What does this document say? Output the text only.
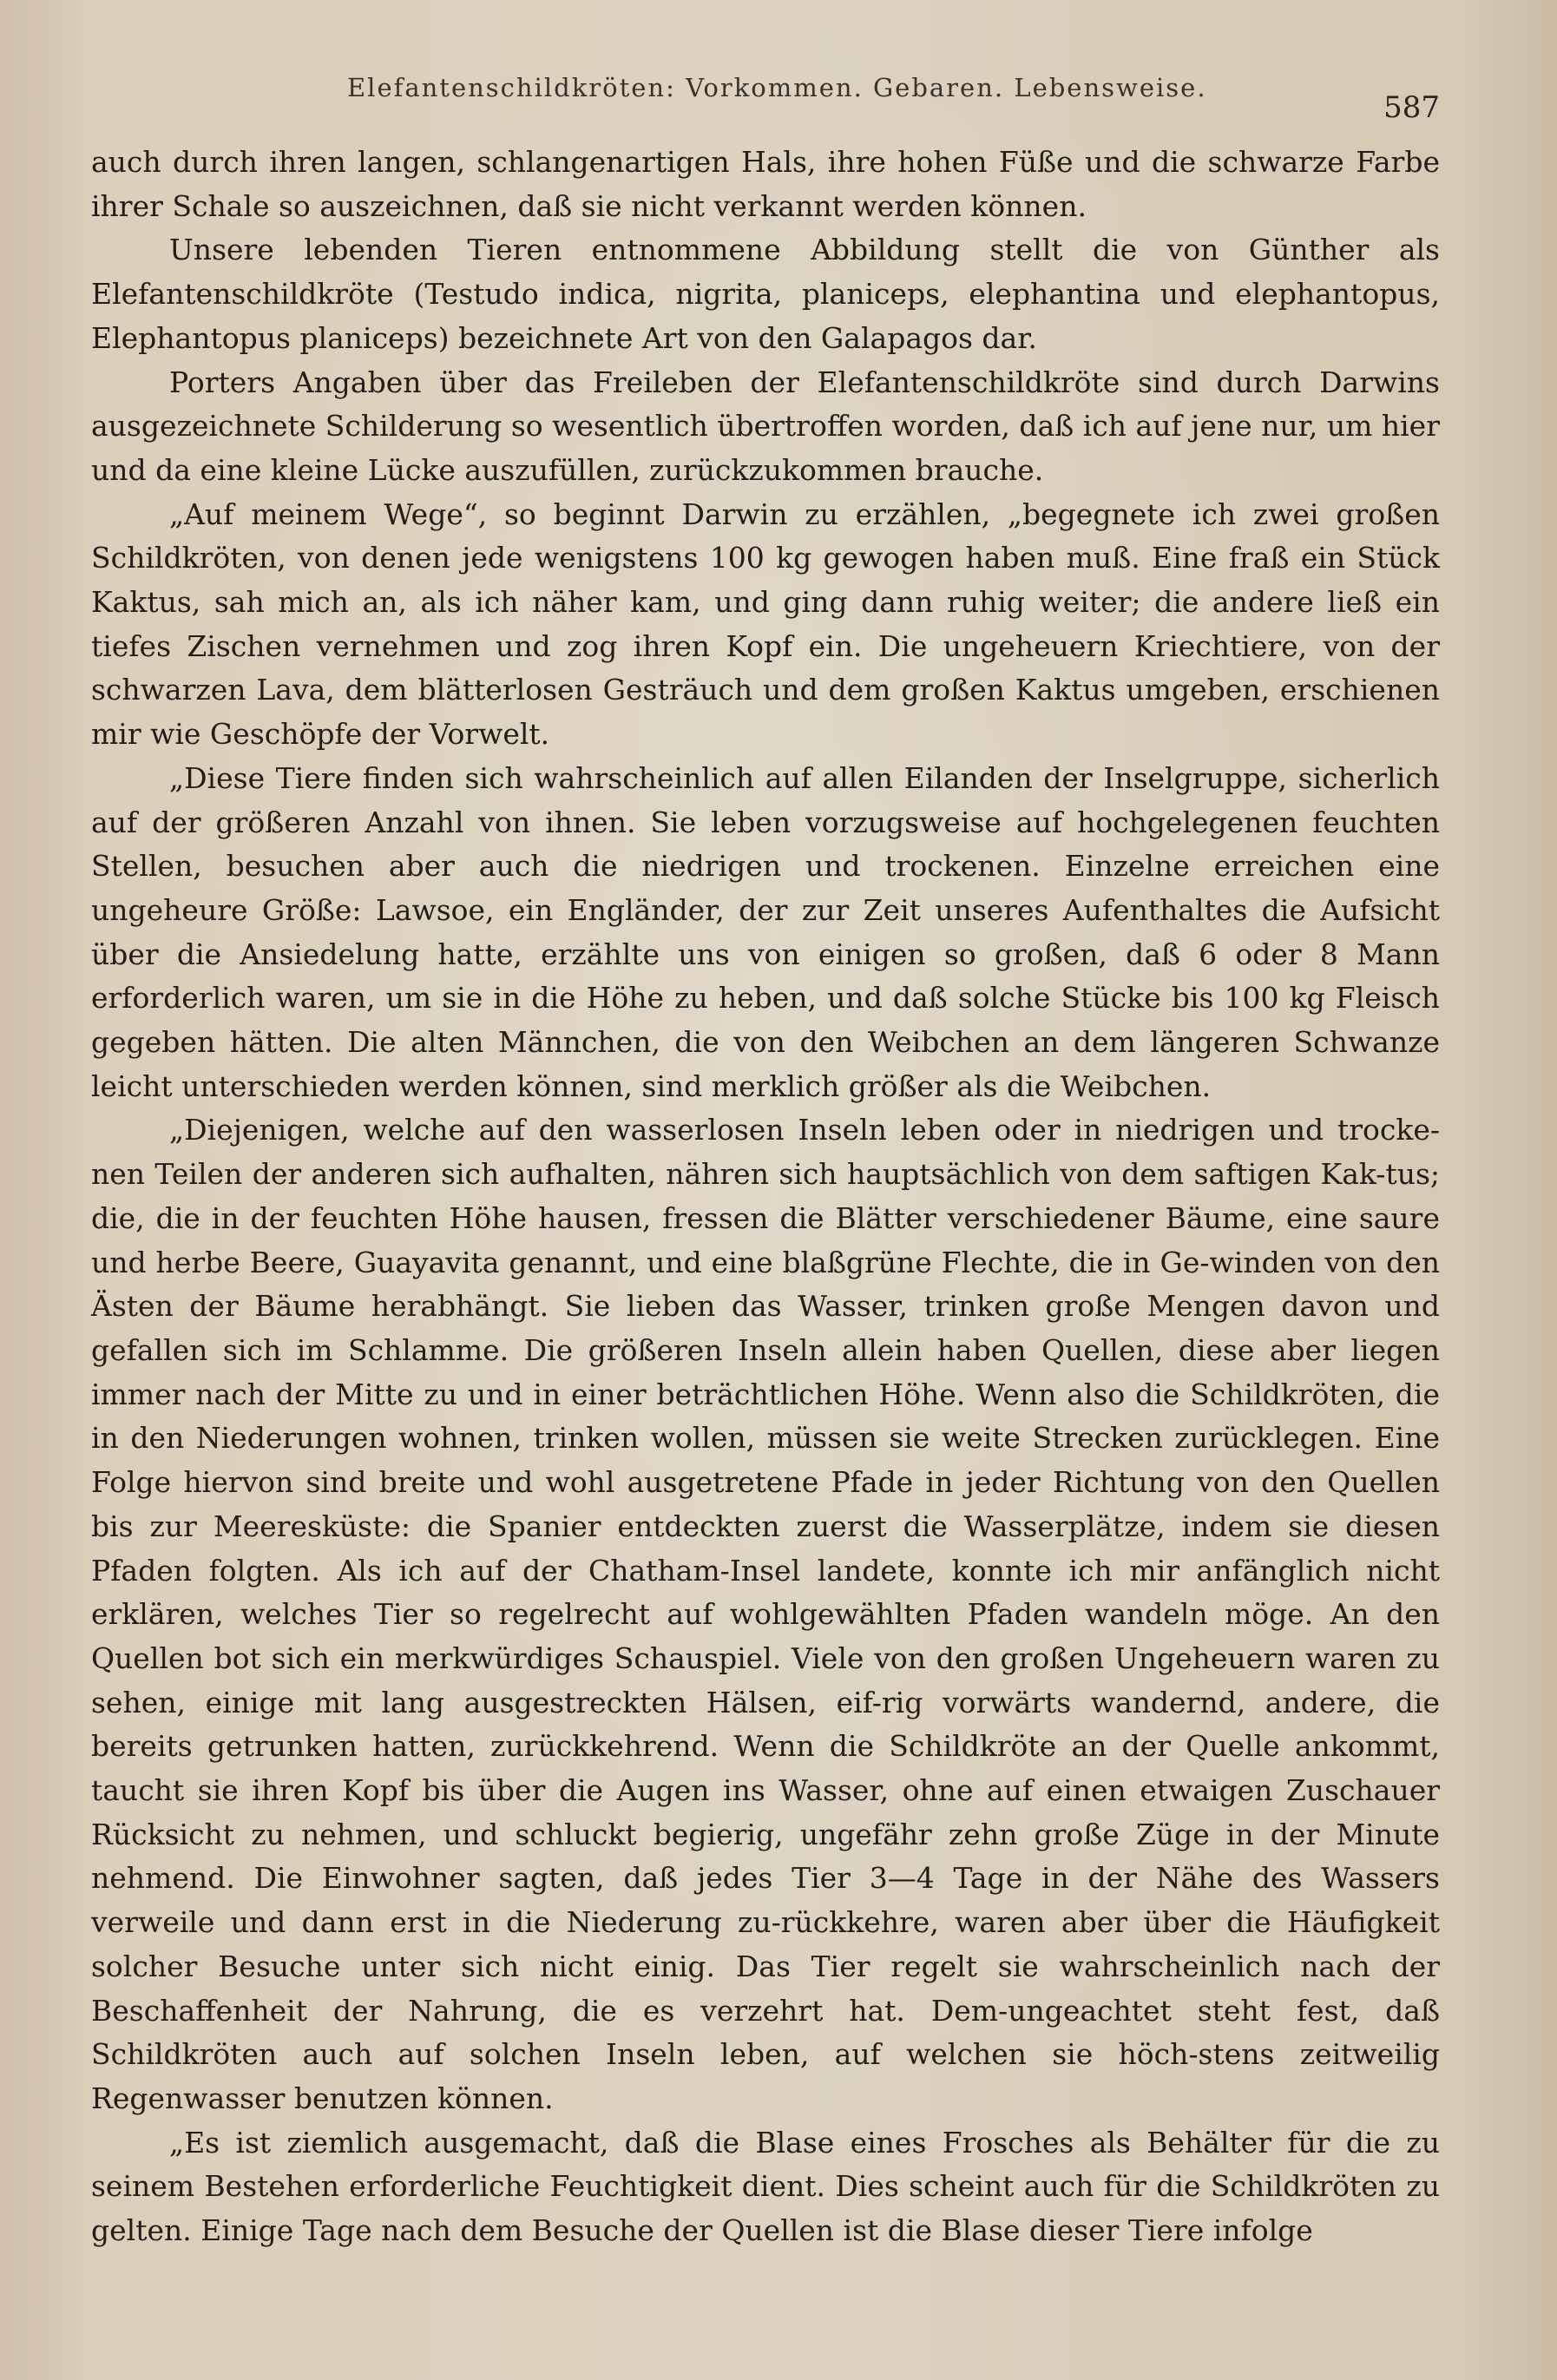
Elefantenschildkröten: Vorkommen. Gebaren. Lebensweise.
587

auch durch ihren langen, schlangenartigen Hals, ihre hohen Füße und die schwarze Farbe ihrer Schale so auszeichnen, daß sie nicht verkannt werden können.

Unsere lebenden Tieren entnommene Abbildung stellt die von Günther als Elefantenschildkröte (Testudo indica, nigrita, planiceps, elephantina und elephantopus, Elephantopus planiceps) bezeichnete Art von den Galapagos dar.

Porters Angaben über das Freileben der Elefantenschildkröte sind durch Darwins ausgezeichnete Schilderung so wesentlich übertroffen worden, daß ich auf jene nur, um hier und da eine kleine Lücke auszufüllen, zurückzukommen brauche.

„Auf meinem Wege“, so beginnt Darwin zu erzählen, „begegnete ich zwei großen Schildkröten, von denen jede wenigstens 100 kg gewogen haben muß. Eine fraß ein Stück Kaktus, sah mich an, als ich näher kam, und ging dann ruhig weiter; die andere ließ ein tiefes Zischen vernehmen und zog ihren Kopf ein. Die ungeheuern Kriechtiere, von der schwarzen Lava, dem blätterlosen Gesträuch und dem großen Kaktus umgeben, erschienen mir wie Geschöpfe der Vorwelt.

„Diese Tiere finden sich wahrscheinlich auf allen Eilanden der Inselgruppe, sicherlich auf der größeren Anzahl von ihnen. Sie leben vorzugsweise auf hochgelegenen feuchten Stellen, besuchen aber auch die niedrigen und trockenen. Einzelne erreichen eine ungeheure Größe: Lawsoe, ein Engländer, der zur Zeit unseres Aufenthaltes die Aufsicht über die Ansiedelung hatte, erzählte uns von einigen so großen, daß 6 oder 8 Mann erforderlich waren, um sie in die Höhe zu heben, und daß solche Stücke bis 100 kg Fleisch gegeben hätten. Die alten Männchen, die von den Weibchen an dem längeren Schwanze leicht unterschieden werden können, sind merklich größer als die Weibchen.

„Diejenigen, welche auf den wasserlosen Inseln leben oder in niedrigen und trocke-nen Teilen der anderen sich aufhalten, nähren sich hauptsächlich von dem saftigen Kak-tus; die, die in der feuchten Höhe hausen, fressen die Blätter verschiedener Bäume, eine saure und herbe Beere, Guayavita genannt, und eine blaßgrüne Flechte, die in Ge-winden von den Ästen der Bäume herabhängt. Sie lieben das Wasser, trinken große Mengen davon und gefallen sich im Schlamme. Die größeren Inseln allein haben Quellen, diese aber liegen immer nach der Mitte zu und in einer beträchtlichen Höhe. Wenn also die Schildkröten, die in den Niederungen wohnen, trinken wollen, müssen sie weite Strecken zurücklegen. Eine Folge hiervon sind breite und wohl ausgetretene Pfade in jeder Richtung von den Quellen bis zur Meeresküste: die Spanier entdeckten zuerst die Wasserplätze, indem sie diesen Pfaden folgten. Als ich auf der Chatham-Insel landete, konnte ich mir anfänglich nicht erklären, welches Tier so regelrecht auf wohlgewählten Pfaden wandeln möge. An den Quellen bot sich ein merkwürdiges Schauspiel. Viele von den großen Ungeheuern waren zu sehen, einige mit lang ausgestreckten Hälsen, eif-rig vorwärts wandernd, andere, die bereits getrunken hatten, zurückkehrend. Wenn die Schildkröte an der Quelle ankommt, taucht sie ihren Kopf bis über die Augen ins Wasser, ohne auf einen etwaigen Zuschauer Rücksicht zu nehmen, und schluckt begierig, ungefähr zehn große Züge in der Minute nehmend. Die Einwohner sagten, daß jedes Tier 3—4 Tage in der Nähe des Wassers verweile und dann erst in die Niederung zu-rückkehre, waren aber über die Häufigkeit solcher Besuche unter sich nicht einig. Das Tier regelt sie wahrscheinlich nach der Beschaffenheit der Nahrung, die es verzehrt hat. Dem-ungeachtet steht fest, daß Schildkröten auch auf solchen Inseln leben, auf welchen sie höch-stens zeitweilig Regenwasser benutzen können.

„Es ist ziemlich ausgemacht, daß die Blase eines Frosches als Behälter für die zu seinem Bestehen erforderliche Feuchtigkeit dient. Dies scheint auch für die Schildkröten zu gelten. Einige Tage nach dem Besuche der Quellen ist die Blase dieser Tiere infolge
